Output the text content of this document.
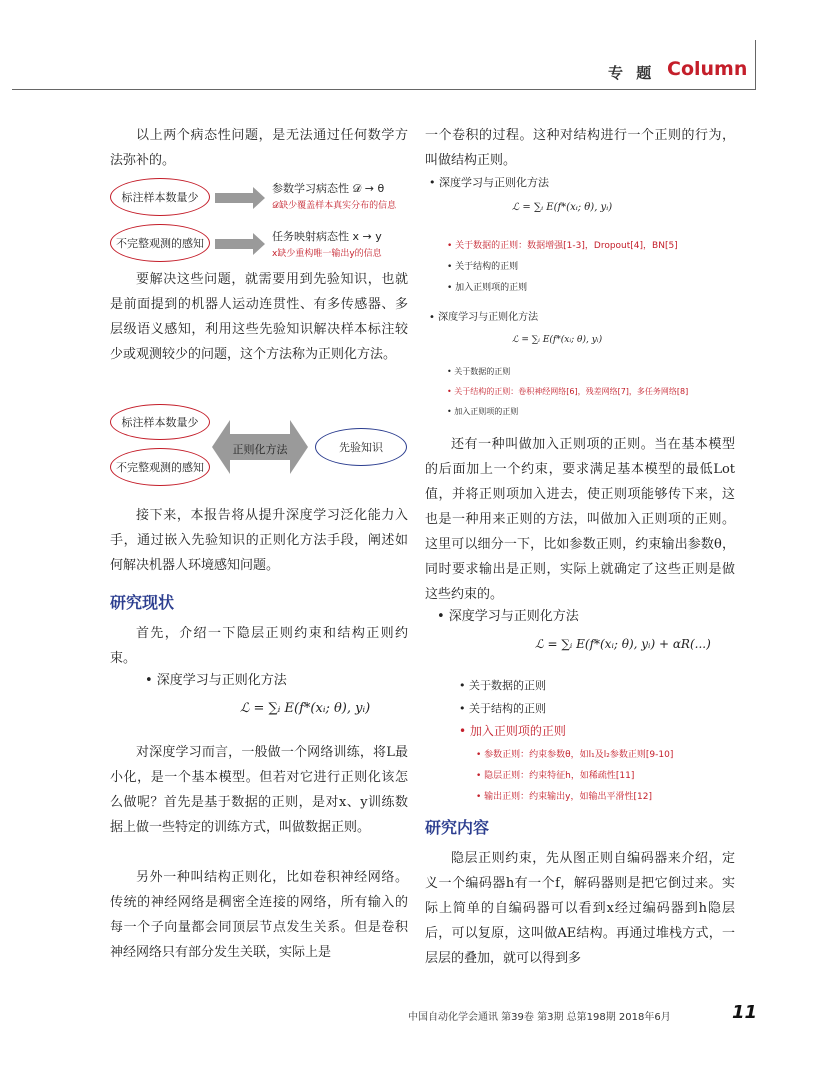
专 题 Column
以上两个病态性问题，是无法通过任何数学方法弥补的。
标注样本数量少
不完整观测的感知
参数学习病态性 𝒟 → θ
𝒟缺少覆盖样本真实分布的信息
任务映射病态性 x → y
x缺少重构唯一输出y的信息
要解决这些问题，就需要用到先验知识，也就是前面提到的机器人运动连贯性、有多传感器、多层级语义感知，利用这些先验知识解决样本标注较少或观测较少的问题，这个方法称为正则化方法。
标注样本数量少
不完整观测的感知
正则化方法	先验知识
接下来，本报告将从提升深度学习泛化能力入手，通过嵌入先验知识的正则化方法手段，阐述如何解决机器人环境感知问题。
研究现状
首先，介绍一下隐层正则约束和结构正则约束。
• 深度学习与正则化方法
ℒ = ∑ᵢ E(f*(xᵢ; θ), yᵢ)
对深度学习而言，一般做一个网络训练，将L最小化，是一个基本模型。但若对它进行正则化该怎么做呢？首先是基于数据的正则，是对x、y训练数据上做一些特定的训练方式，叫做数据正则。
另外一种叫结构正则化，比如卷积神经网络。传统的神经网络是稠密全连接的网络，所有输入的每一个子向量都会同顶层节点发生关系。但是卷积神经网络只有部分发生关联，实际上是
一个卷积的过程。这种对结构进行一个正则的行为，叫做结构正则。
• 深度学习与正则化方法
ℒ = ∑ᵢ E(f*(xᵢ; θ), yᵢ)
• 关于数据的正则：数据增强[1-3]，Dropout[4]，BN[5]
• 关于结构的正则
• 加入正则项的正则
• 深度学习与正则化方法
ℒ = ∑ᵢ E(f*(xᵢ; θ), yᵢ)
• 关于数据的正则
• 关于结构的正则：卷积神经网络[6]，残差网络[7]，多任务网络[8]
• 加入正则项的正则
还有一种叫做加入正则项的正则。当在基本模型的后面加上一个约束，要求满足基本模型的最低Lot值，并将正则项加入进去，使正则项能够传下来，这也是一种用来正则的方法，叫做加入正则项的正则。这里可以细分一下，比如参数正则，约束输出参数θ，同时要求输出是正则，实际上就确定了这些正则是做这些约束的。
• 深度学习与正则化方法
ℒ = ∑ᵢ E(f*(xᵢ; θ), yᵢ) + αR(...)
• 关于数据的正则
• 关于结构的正则
• 加入正则项的正则
• 参数正则：约束参数θ，如l₁及l₂参数正则[9-10]
• 隐层正则：约束特征h，如稀疏性[11]
• 输出正则：约束输出y，如输出平滑性[12]
研究内容
隐层正则约束，先从图正则自编码器来介绍，定义一个编码器h有一个f，解码器则是把它倒过来。实际上简单的自编码器可以看到x经过编码器到h隐层后，可以复原，这叫做AE结构。再通过堆栈方式，一层层的叠加，就可以得到多
中国自动化学会通讯 第39卷 第3期 总第198期 2018年6月	11
